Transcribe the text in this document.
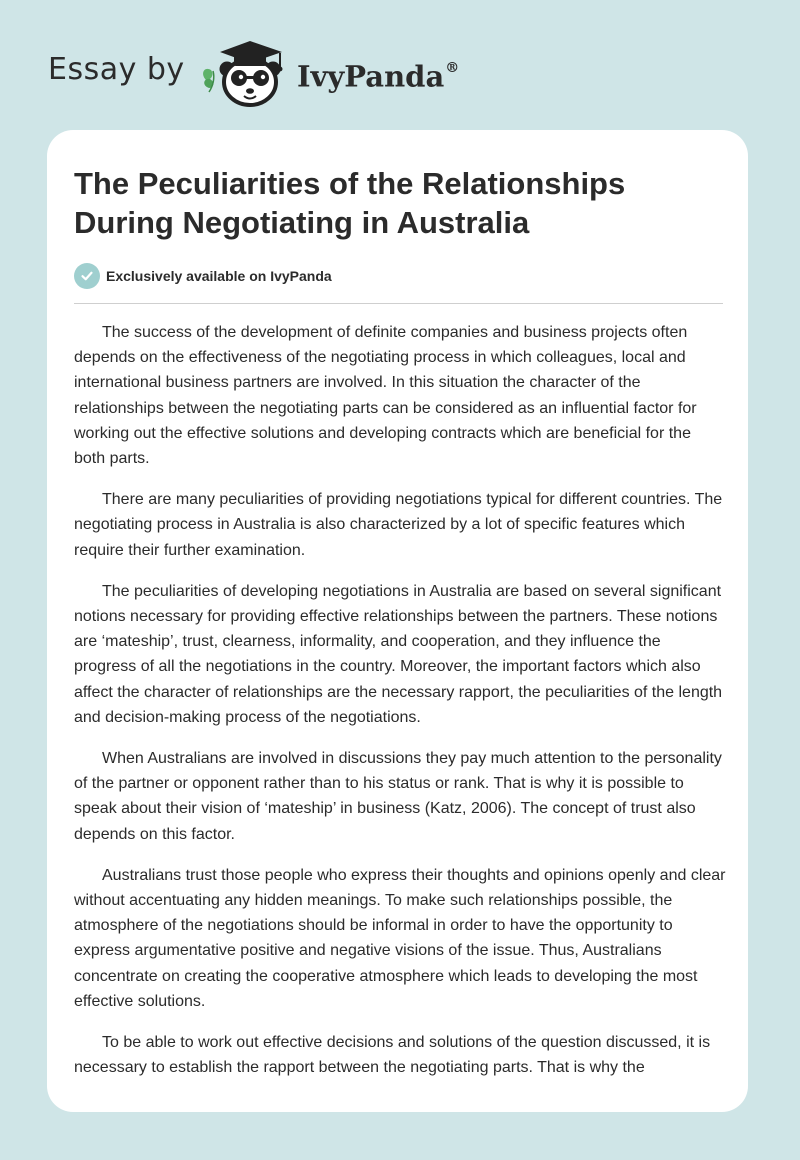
Essay by	IvyPanda®
The Peculiarities of the Relationships During Negotiating in Australia
Exclusively available on IvyPanda

The success of the development of definite companies and business projects often depends on the effectiveness of the negotiating process in which colleagues, local and international business partners are involved. In this situation the character of the relationships between the negotiating parts can be considered as an influential factor for working out the effective solutions and developing contracts which are beneficial for the both parts.

There are many peculiarities of providing negotiations typical for different countries. The negotiating process in Australia is also characterized by a lot of specific features which require their further examination.

The peculiarities of developing negotiations in Australia are based on several significant notions necessary for providing effective relationships between the partners. These notions are ‘mateship’, trust, clearness, informality, and cooperation, and they influence the progress of all the negotiations in the country. Moreover, the important factors which also affect the character of relationships are the necessary rapport, the peculiarities of the length and decision-making process of the negotiations.

When Australians are involved in discussions they pay much attention to the personality of the partner or opponent rather than to his status or rank. That is why it is possible to speak about their vision of ‘mateship’ in business (Katz, 2006). The concept of trust also depends on this factor.

Australians trust those people who express their thoughts and opinions openly and clear without accentuating any hidden meanings. To make such relationships possible, the atmosphere of the negotiations should be informal in order to have the opportunity to express argumentative positive and negative visions of the issue. Thus, Australians concentrate on creating the cooperative atmosphere which leads to developing the most effective solutions.

To be able to work out effective decisions and solutions of the question discussed, it is necessary to establish the rapport between the negotiating parts. That is why the
